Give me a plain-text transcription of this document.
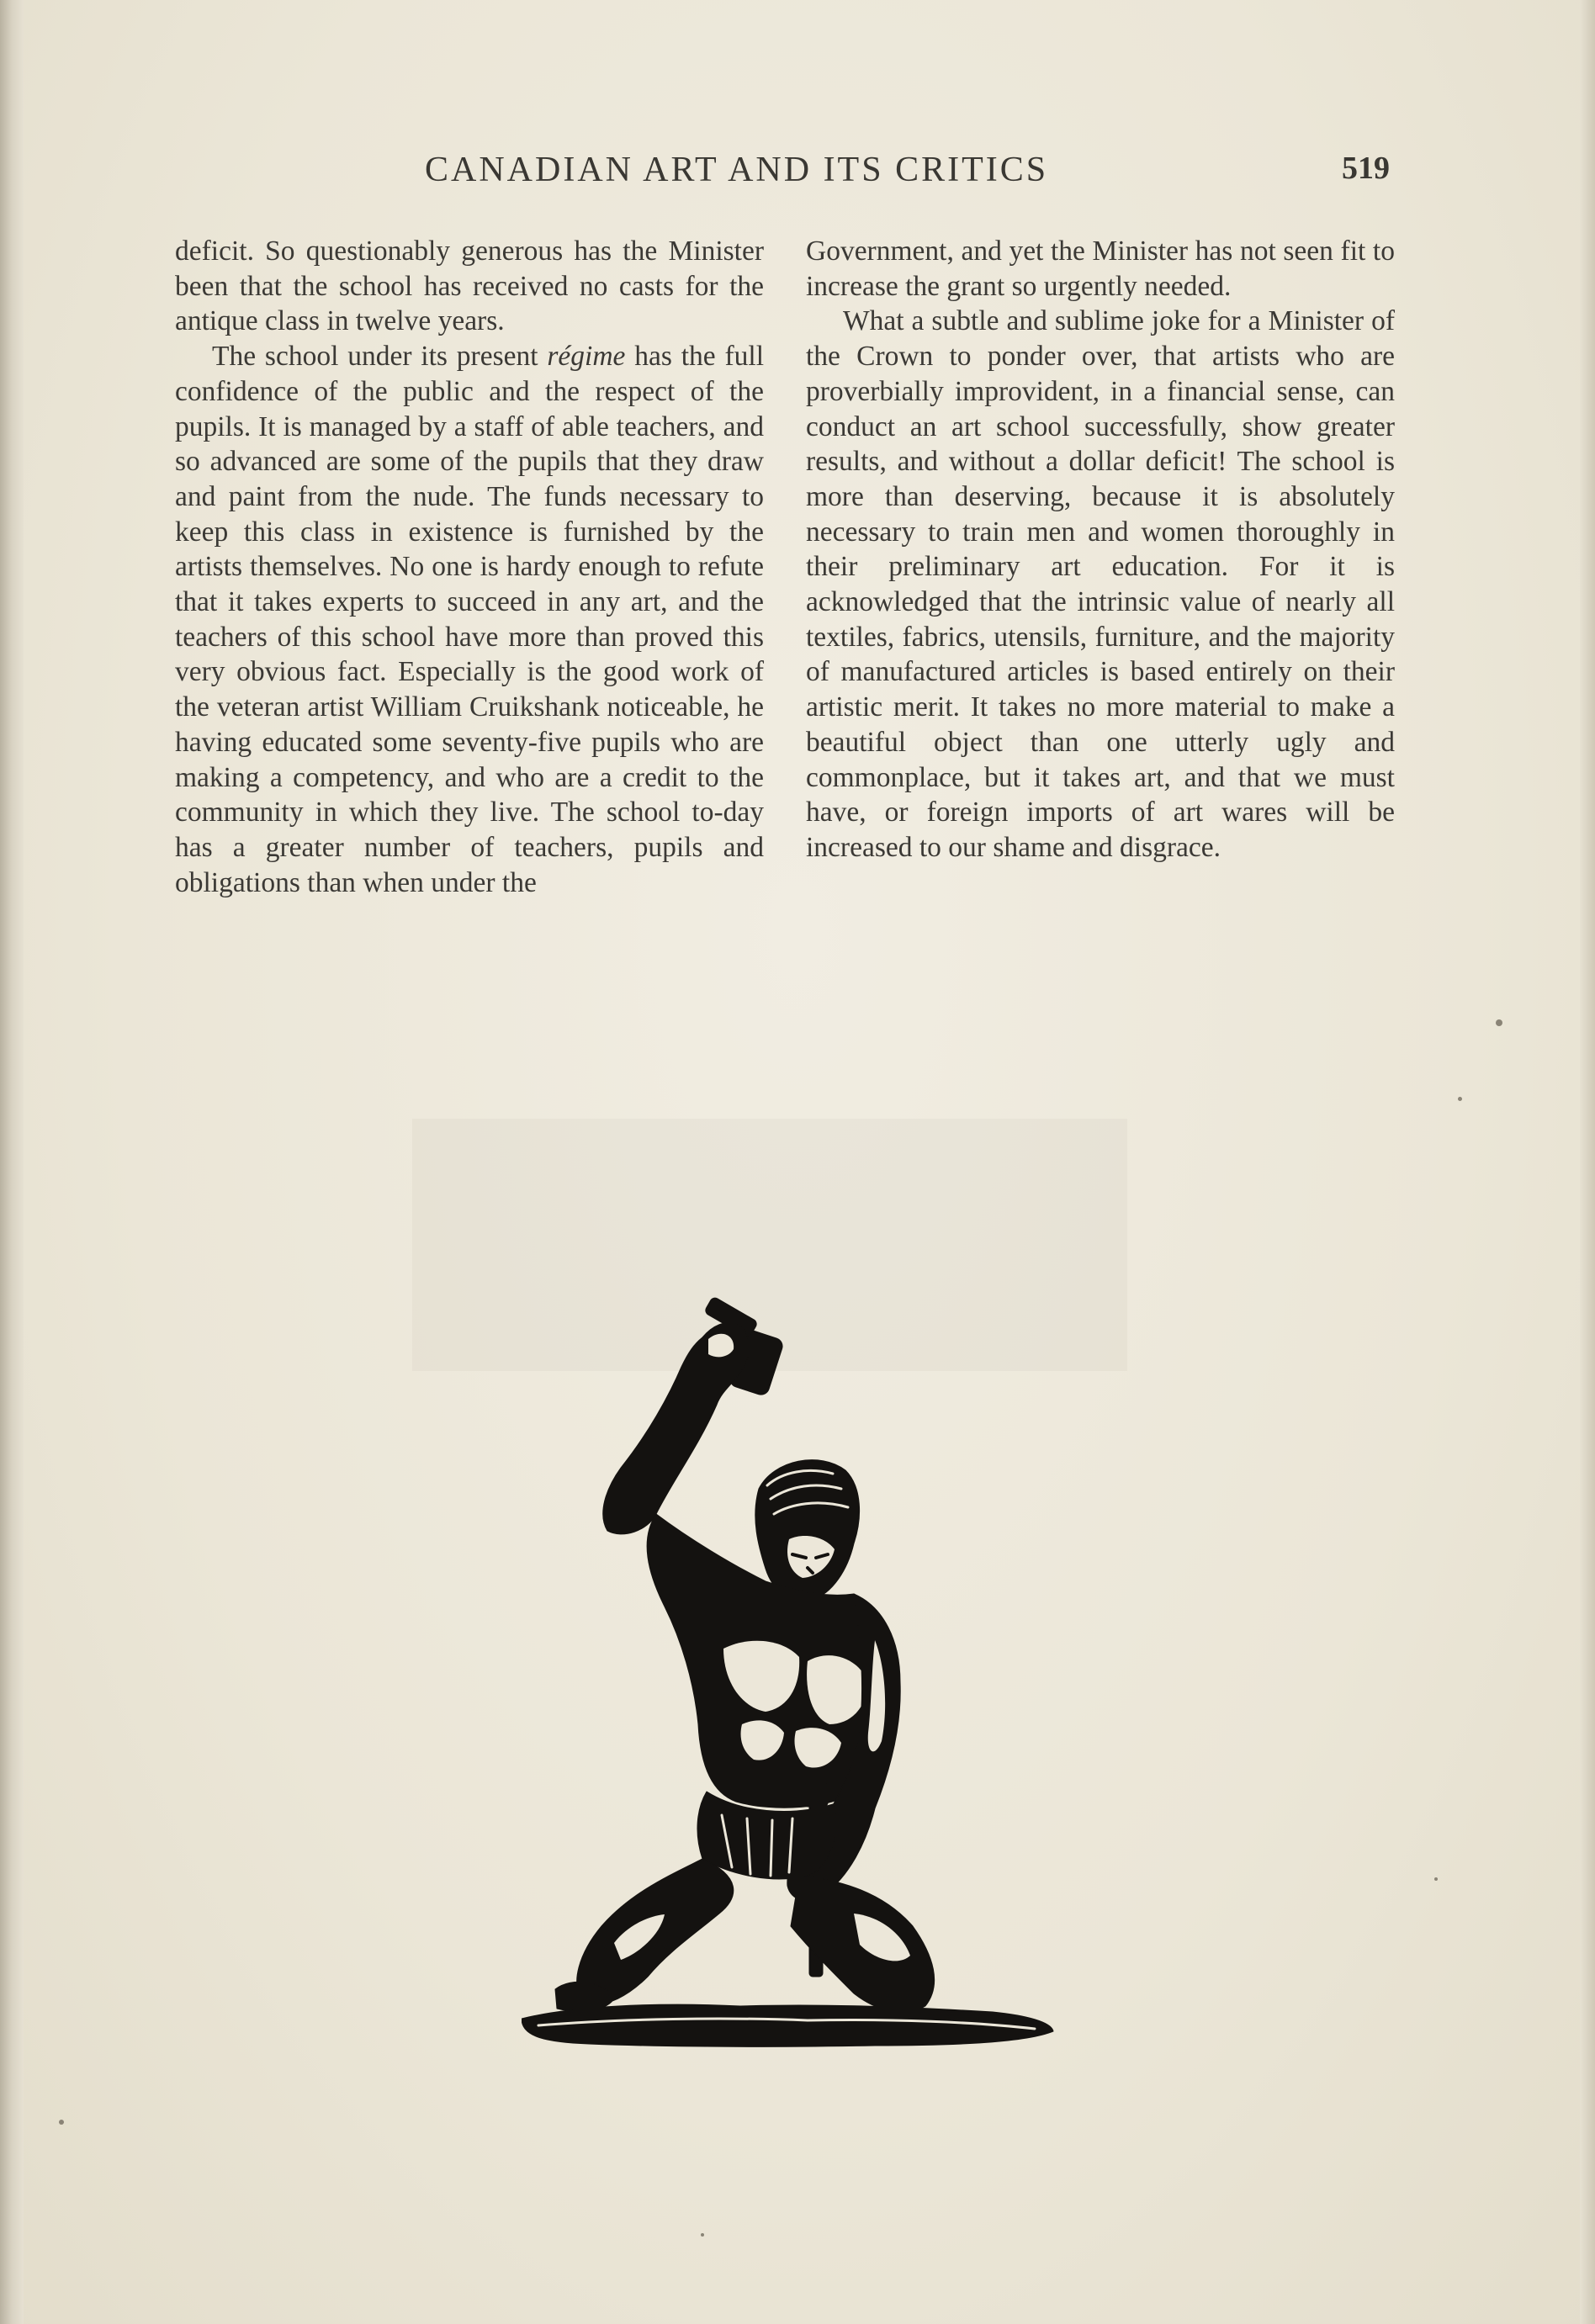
CANADIAN ART AND ITS CRITICS	519

deficit. So questionably generous has the Minister been that the school has received no casts for the antique class in twelve years.

The school under its present régime has the full confidence of the public and the respect of the pupils. It is managed by a staff of able teachers, and so advanced are some of the pupils that they draw and paint from the nude. The funds necessary to keep this class in existence is furnished by the artists themselves. No one is hardy enough to refute that it takes experts to succeed in any art, and the teachers of this school have more than proved this very obvious fact. Especially is the good work of the veteran artist William Cruikshank noticeable, he having educated some seventy-five pupils who are making a competency, and who are a credit to the community in which they live. The school to-day has a greater number of teachers, pupils and obligations than when under the

Government, and yet the Minister has not seen fit to increase the grant so urgently needed.

What a subtle and sublime joke for a Minister of the Crown to ponder over, that artists who are proverbially improvident, in a financial sense, can conduct an art school successfully, show greater results, and without a dollar deficit! The school is more than deserving, because it is absolutely necessary to train men and women thoroughly in their preliminary art education. For it is acknowledged that the intrinsic value of nearly all textiles, fabrics, utensils, furniture, and the majority of manufactured articles is based entirely on their artistic merit. It takes no more material to make a beautiful object than one utterly ugly and commonplace, but it takes art, and that we must have, or foreign imports of art wares will be increased to our shame and disgrace.
